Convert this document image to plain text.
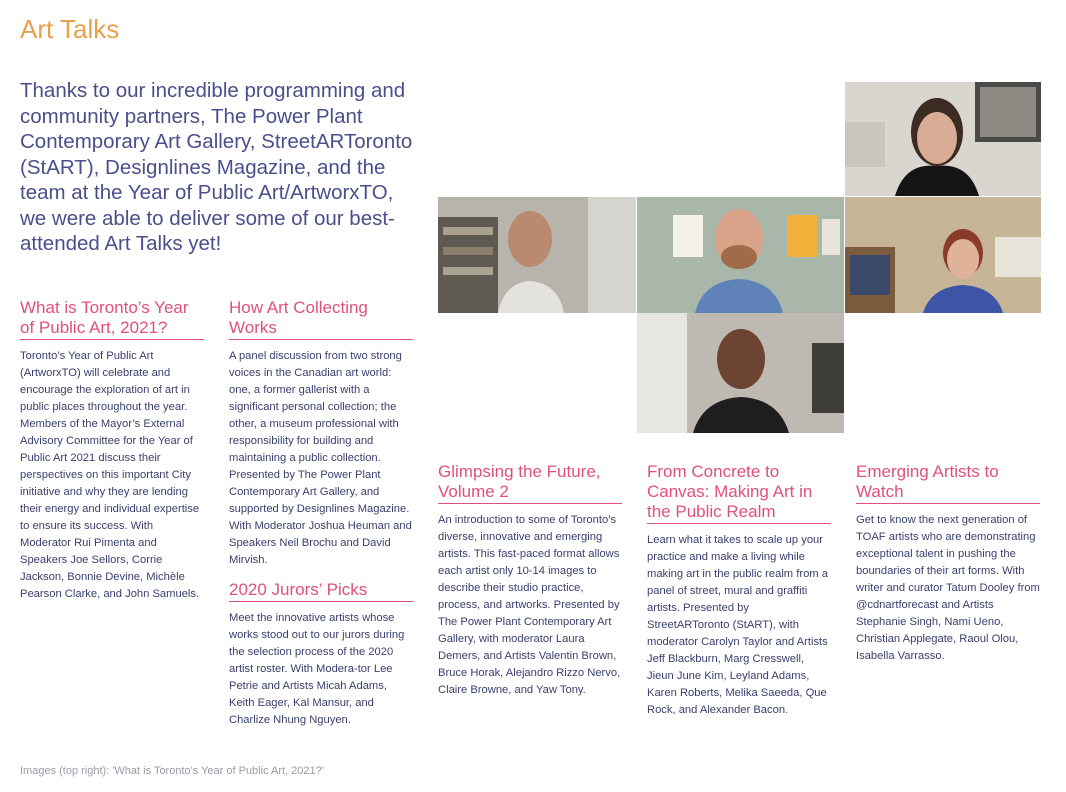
Art Talks
Thanks to our incredible programming and community partners, The Power Plant Contemporary Art Gallery, StreetARToronto (StART), Designlines Magazine, and the team at the Year of Public Art/ArtworxTO, we were able to deliver some of our best-attended Art Talks yet!
What is Toronto’s Year of Public Art, 2021?
Toronto’s Year of Public Art (ArtworxTO) will celebrate and encourage the exploration of art in public places throughout the year. Members of the Mayor’s External Advisory Committee for the Year of Public Art 2021 discuss their perspectives on this important City initiative and why they are lending their energy and individual expertise to ensure its success. With Moderator Rui Pimenta and Speakers Joe Sellors, Corrie Jackson, Bonnie Devine, Michèle Pearson Clarke, and John Samuels.
How Art Collecting Works
A panel discussion from two strong voices in the Canadian art world: one, a former gallerist with a significant personal collection; the other, a museum professional with responsibility for building and maintaining a public collection. Presented by The Power Plant Contemporary Art Gallery, and supported by Designlines Magazine. With Moderator Joshua Heuman and Speakers Neil Brochu and David Mirvish.
2020 Jurors’ Picks
Meet the innovative artists whose works stood out to our jurors during the selection process of the 2020 artist roster. With Modera-tor Lee Petrie and Artists Micah Adams, Keith Eager, Kal Mansur, and Charlize Nhung Nguyen.
Glimpsing the Future, Volume 2
An introduction to some of Toronto’s diverse, innovative and emerging artists. This fast-paced format allows each artist only 10-14 images to describe their studio practice, process, and artworks. Presented by The Power Plant Contemporary Art Gallery, with moderator Laura Demers, and Artists Valentin Brown, Bruce Horak, Alejandro Rizzo Nervo, Claire Browne, and Yaw Tony.
From Concrete to Canvas: Making Art in the Public Realm
Learn what it takes to scale up your practice and make a living while making art in the public realm from a panel of street, mural and graffiti artists. Presented by StreetARToronto (StART), with moderator Carolyn Taylor and Artists Jeff Blackburn, Marg Cresswell, Jieun June Kim, Leyland Adams, Karen Roberts, Melika Saeeda, Que Rock, and Alexander Bacon.
Emerging Artists to Watch
Get to know the next generation of TOAF artists who are demonstrating exceptional talent in pushing the boundaries of their art forms. With writer and curator Tatum Dooley from @cdnartforecast and Artists Stephanie Singh, Nami Ueno, Christian Applegate, Raoul Olou, Isabella Varrasso.
Images (top right): 'What is Toronto's Year of Public Art, 2021?'
